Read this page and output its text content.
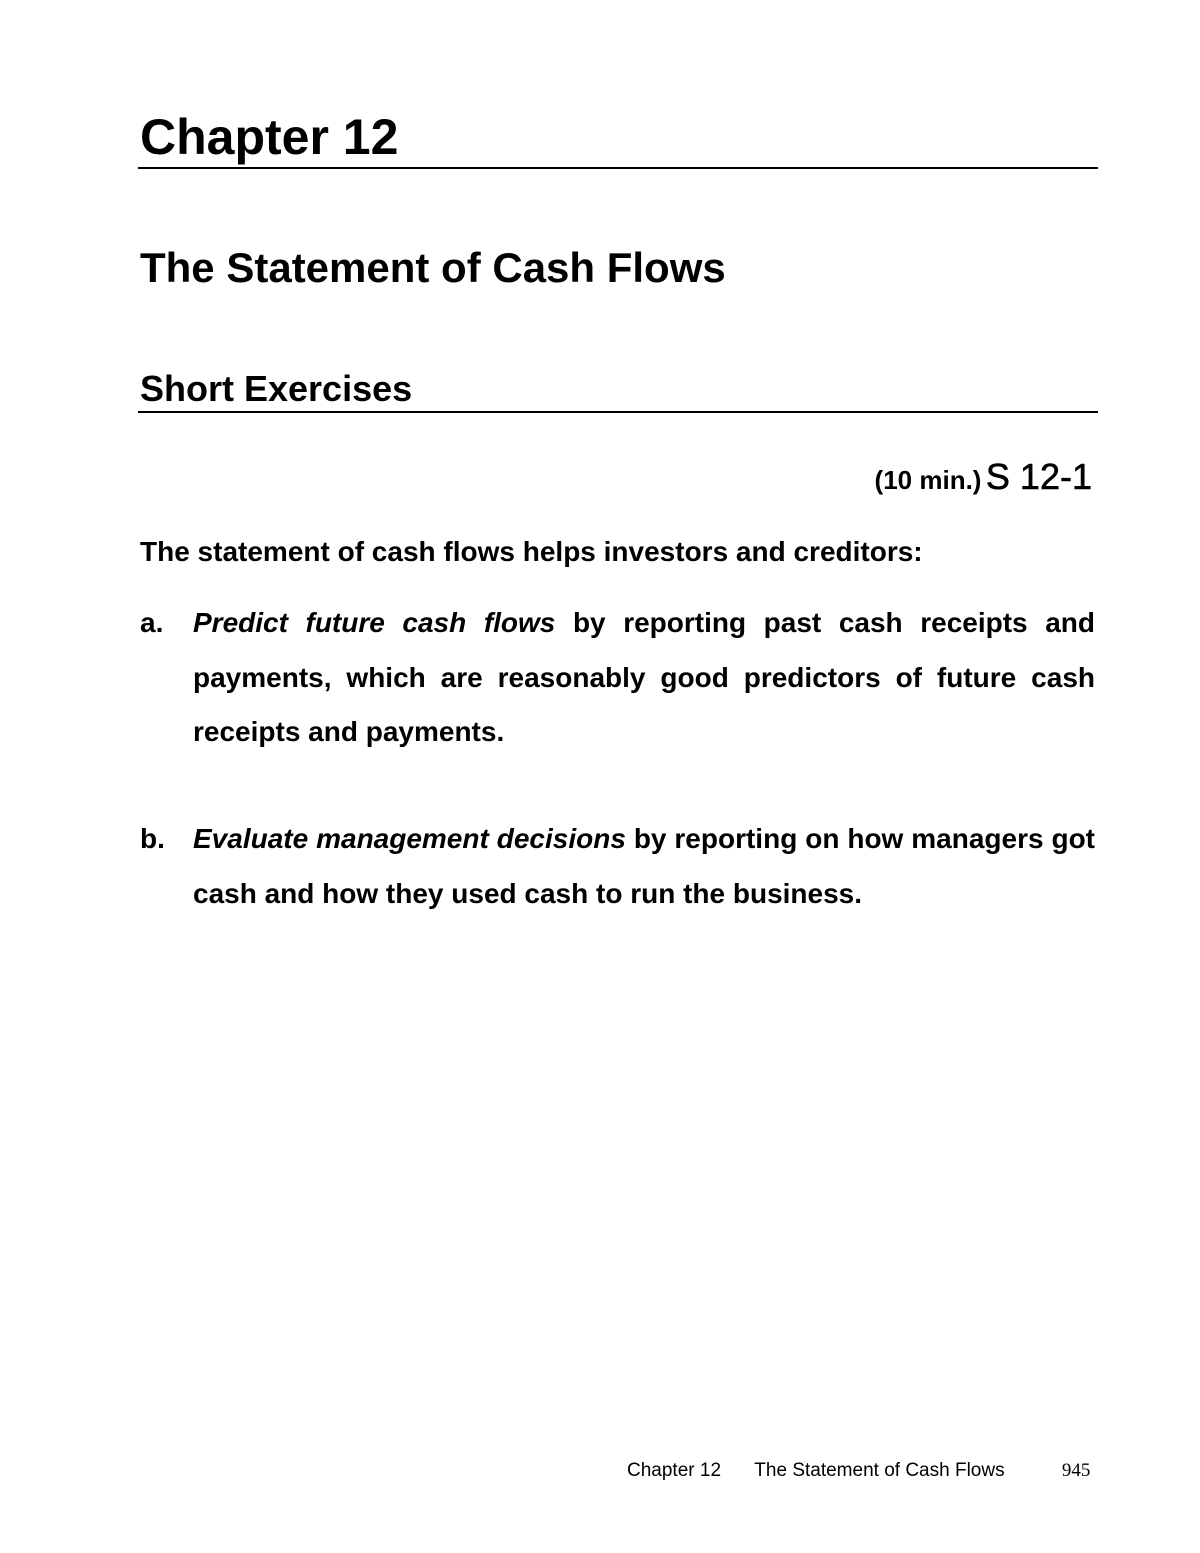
Chapter 12
The Statement of Cash Flows
Short Exercises
(10 min.) S 12-1

The statement of cash flows helps investors and creditors:

a. Predict future cash flows by reporting past cash receipts and payments, which are reasonably good predictors of future cash receipts and payments.
b. Evaluate management decisions by reporting on how managers got cash and how they used cash to run the business.
Chapter 12 The Statement of Cash Flows	945
